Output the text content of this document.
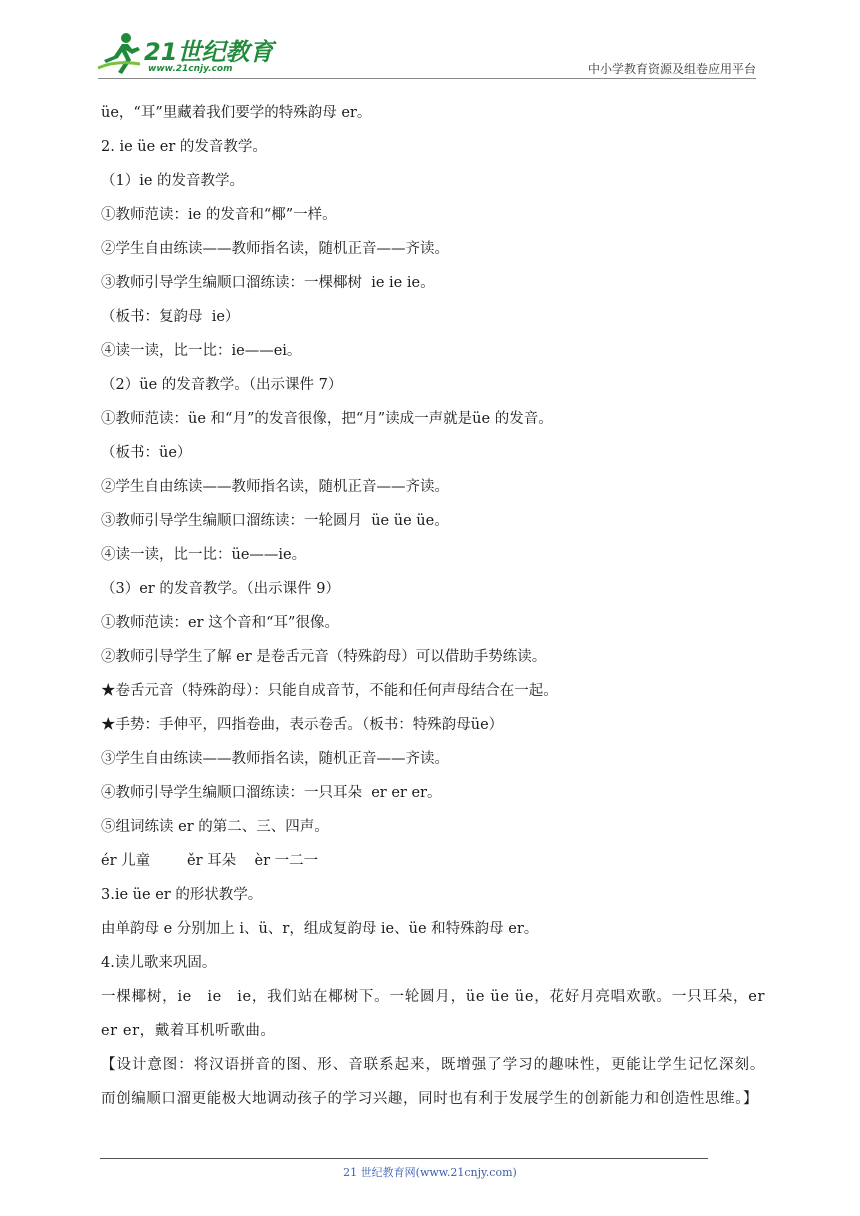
21世纪教育
www.21cnjy.com	中小学教育资源及组卷应用平台
üe，“耳”里藏着我们要学的特殊韵母 er。
2. ie üe er 的发音教学。
（1）ie 的发音教学。
①教师范读：ie 的发音和“椰”一样。
②学生自由练读——教师指名读，随机正音——齐读。
③教师引导学生编顺口溜练读：一棵椰树  ie ie ie。
（板书：复韵母  ie）
④读一读，比一比：ie——ei。
（2）üe 的发音教学。（出示课件 7）
①教师范读：üe 和“月”的发音很像，把“月”读成一声就是üe 的发音。
（板书：üe）
②学生自由练读——教师指名读，随机正音——齐读。
③教师引导学生编顺口溜练读：一轮圆月  üe üe üe。
④读一读，比一比：üe——ie。
（3）er 的发音教学。（出示课件 9）
①教师范读：er 这个音和“耳”很像。
②教师引导学生了解 er 是卷舌元音（特殊韵母）可以借助手势练读。
★卷舌元音（特殊韵母）：只能自成音节，不能和任何声母结合在一起。
★手势：手伸平，四指卷曲，表示卷舌。（板书：特殊韵母üe）
③学生自由练读——教师指名读，随机正音——齐读。
④教师引导学生编顺口溜练读：一只耳朵  er er er。
⑤组词练读 er 的第二、三、四声。
ér 儿童        ěr 耳朵    èr 一二一
3.ie üe er 的形状教学。
由单韵母 e 分别加上 i、ü、r，组成复韵母 ie、üe 和特殊韵母 er。
4.读儿歌来巩固。
一棵椰树，ie　ie　ie，我们站在椰树下。一轮圆月，üe üe üe，花好月亮唱欢歌。一只耳朵，er er er，戴着耳机听歌曲。
【设计意图：将汉语拼音的图、形、音联系起来，既增强了学习的趣味性，更能让学生记忆深刻。而创编顺口溜更能极大地调动孩子的学习兴趣，同时也有利于发展学生的创新能力和创造性思维。】
21 世纪教育网(www.21cnjy.com)
